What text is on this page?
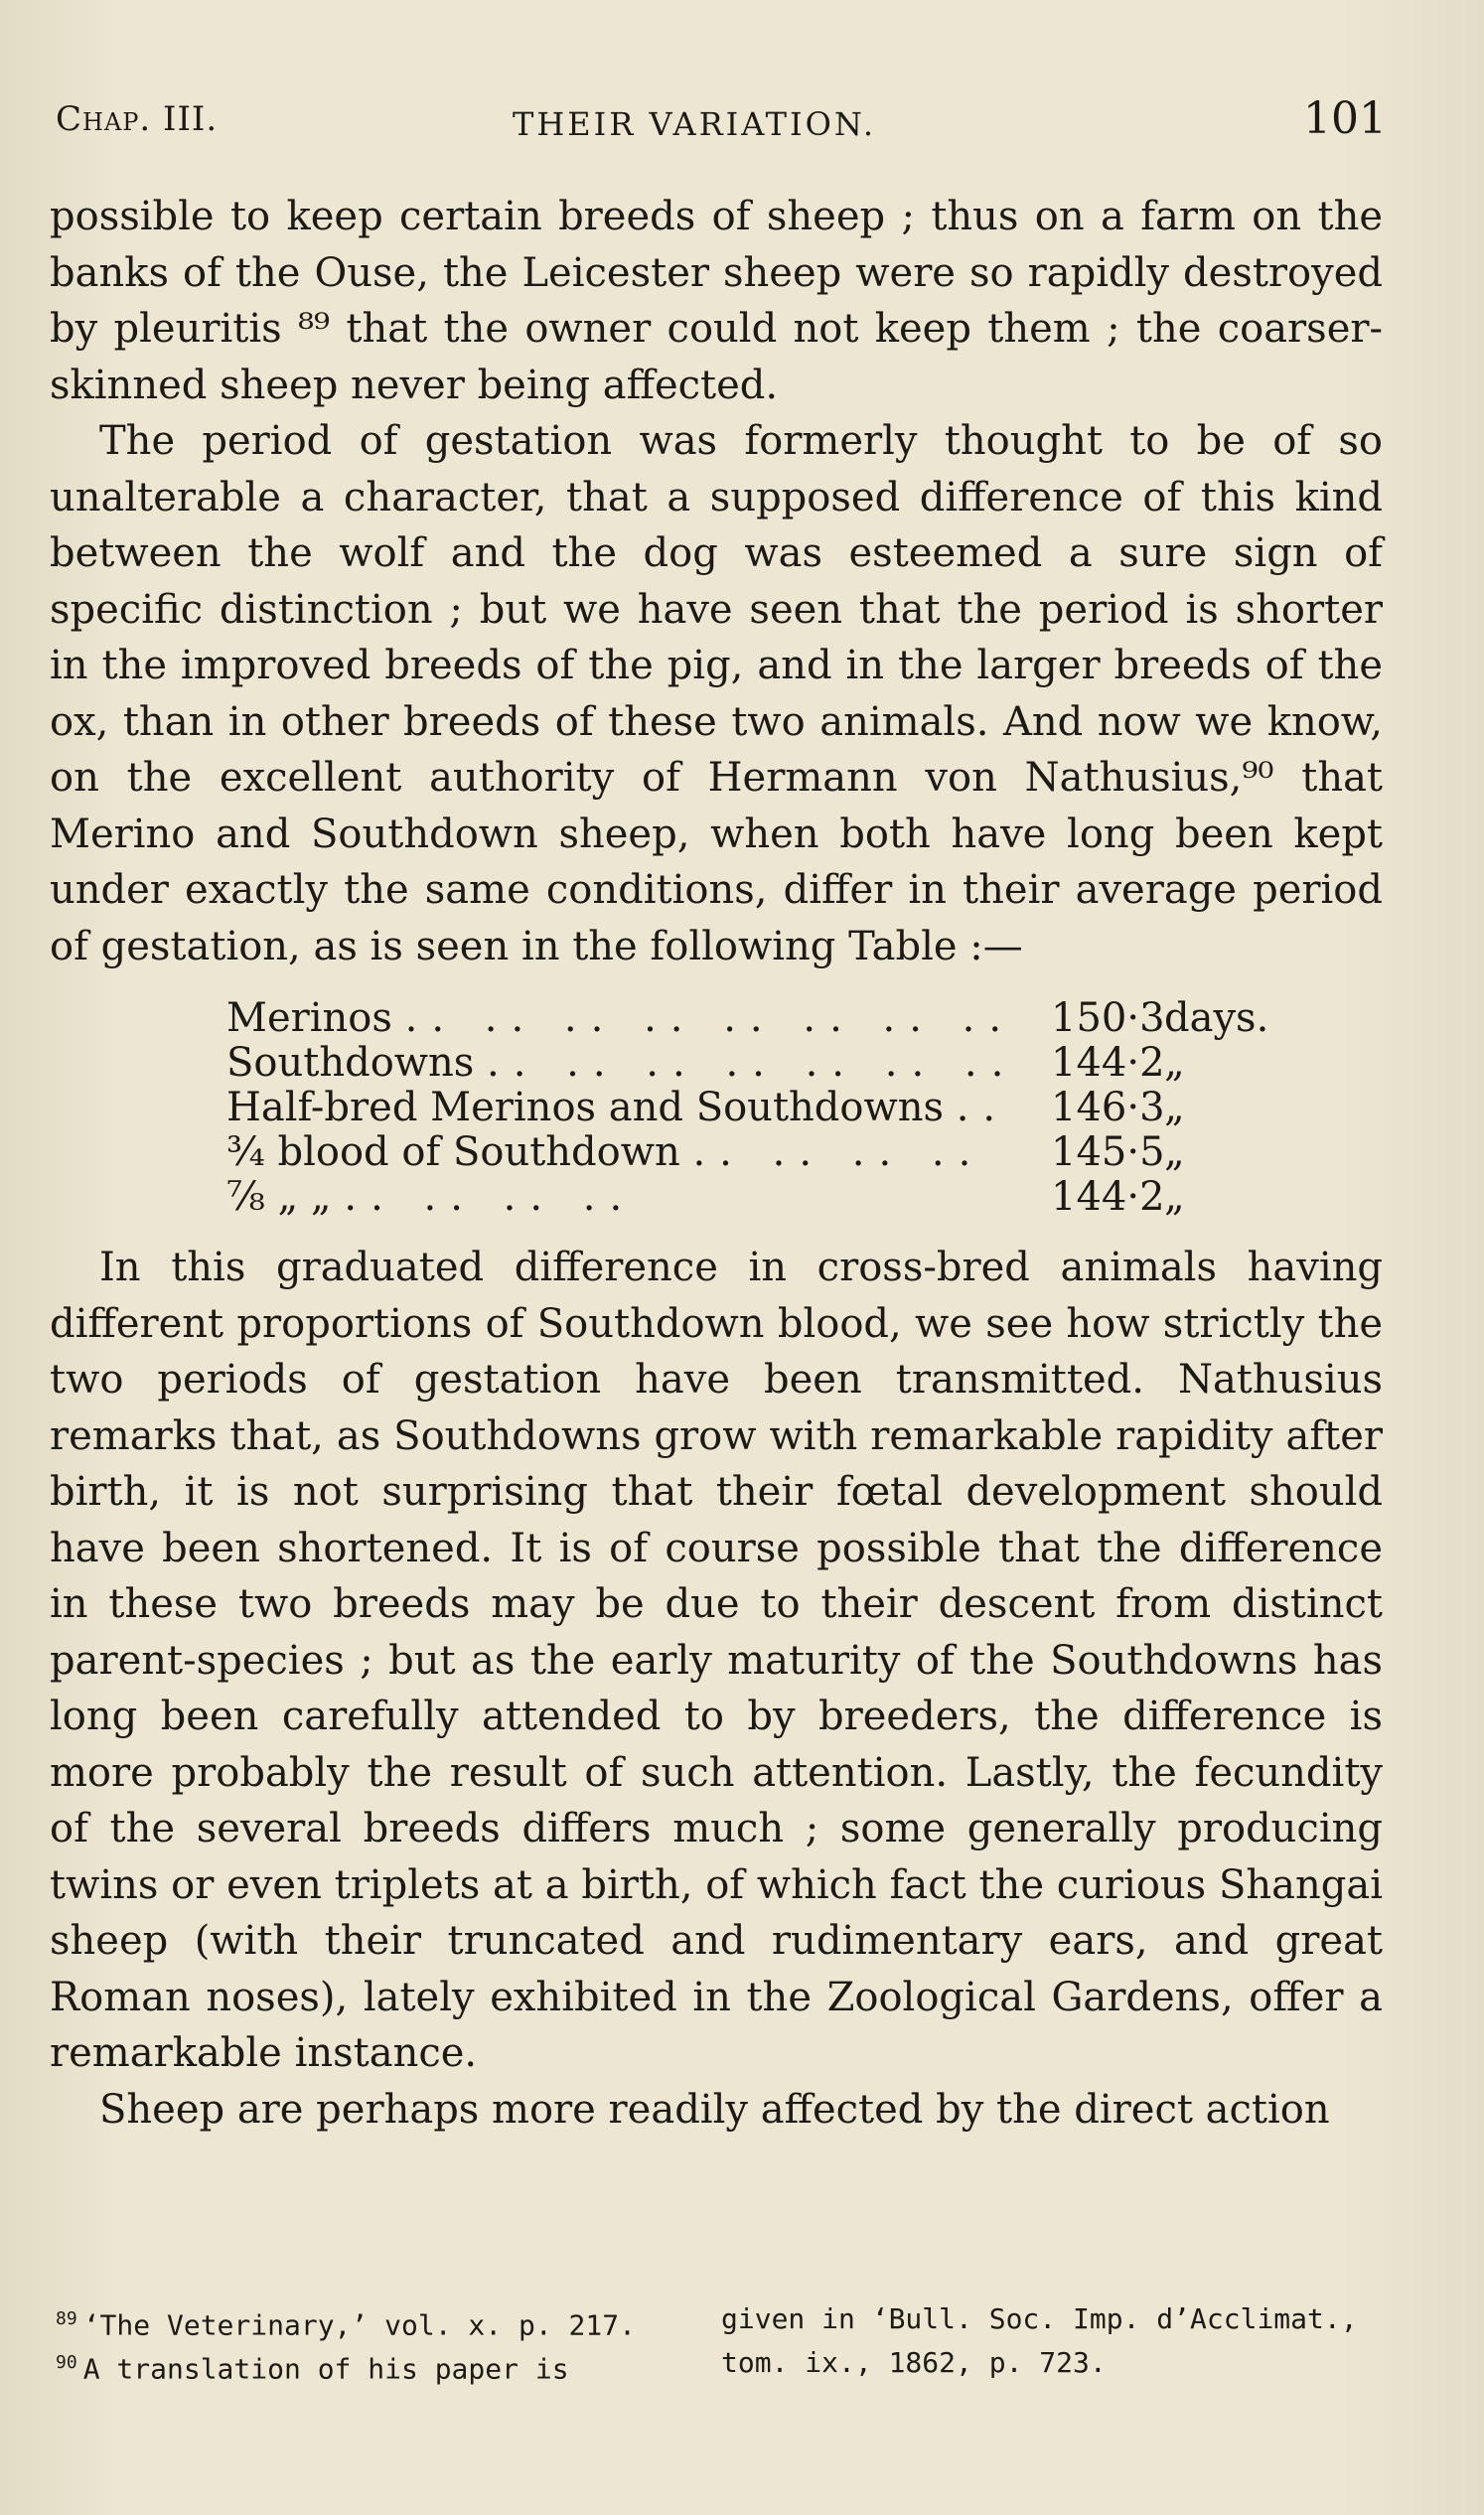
Chap. III.	THEIR VARIATION.	101

possible to keep certain breeds of sheep ; thus on a farm on the banks of the Ouse, the Leicester sheep were so rapidly destroyed by pleuritis ⁸⁹ that the owner could not keep them ; the coarser-skinned sheep never being affected.

The period of gestation was formerly thought to be of so unalterable a character, that a supposed difference of this kind between the wolf and the dog was esteemed a sure sign of specific distinction ; but we have seen that the period is shorter in the improved breeds of the pig, and in the larger breeds of the ox, than in other breeds of these two animals. And now we know, on the excellent authority of Hermann von Nathusius,⁹⁰ that Merino and Southdown sheep, when both have long been kept under exactly the same conditions, differ in their average period of gestation, as is seen in the following Table :—

Merinos .. .. .. .. .. .. .. .. 150·3 days.
Southdowns .. .. .. .. .. .. .. 144·2 „
Half-bred Merinos and Southdowns ..	146·3 „
¾ blood of Southdown .. .. .. ..	145·5 „
⅞ „ „ .. .. .. ..	144·2 „

In this graduated difference in cross-bred animals having different proportions of Southdown blood, we see how strictly the two periods of gestation have been transmitted. Nathusius remarks that, as Southdowns grow with remarkable rapidity after birth, it is not surprising that their fœtal development should have been shortened. It is of course possible that the difference in these two breeds may be due to their descent from distinct parent-species ; but as the early maturity of the Southdowns has long been carefully attended to by breeders, the difference is more probably the result of such attention. Lastly, the fecundity of the several breeds differs much ; some generally producing twins or even triplets at a birth, of which fact the curious Shangai sheep (with their truncated and rudimentary ears, and great Roman noses), lately exhibited in the Zoological Gardens, offer a remarkable instance.

Sheep are perhaps more readily affected by the direct action

$^{89}$ ‘The Veterinary,’ vol. x. p. 217.	given in ‘Bull. Soc. Imp. d’Acclimat.,
$^{90}$ A translation of his paper is	tom. ix., 1862, p. 723.
